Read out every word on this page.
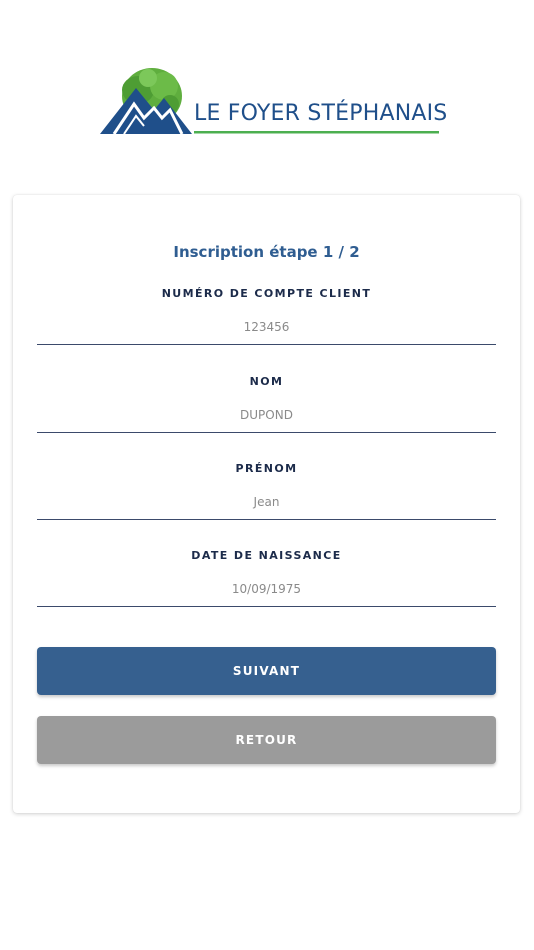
LE FOYER STÉPHANAIS
Inscription étape 1 / 2
NUMÉRO DE COMPTE CLIENT
123456
NOM
DUPOND
PRÉNOM
Jean
DATE DE NAISSANCE
10/09/1975
SUIVANT
RETOUR
